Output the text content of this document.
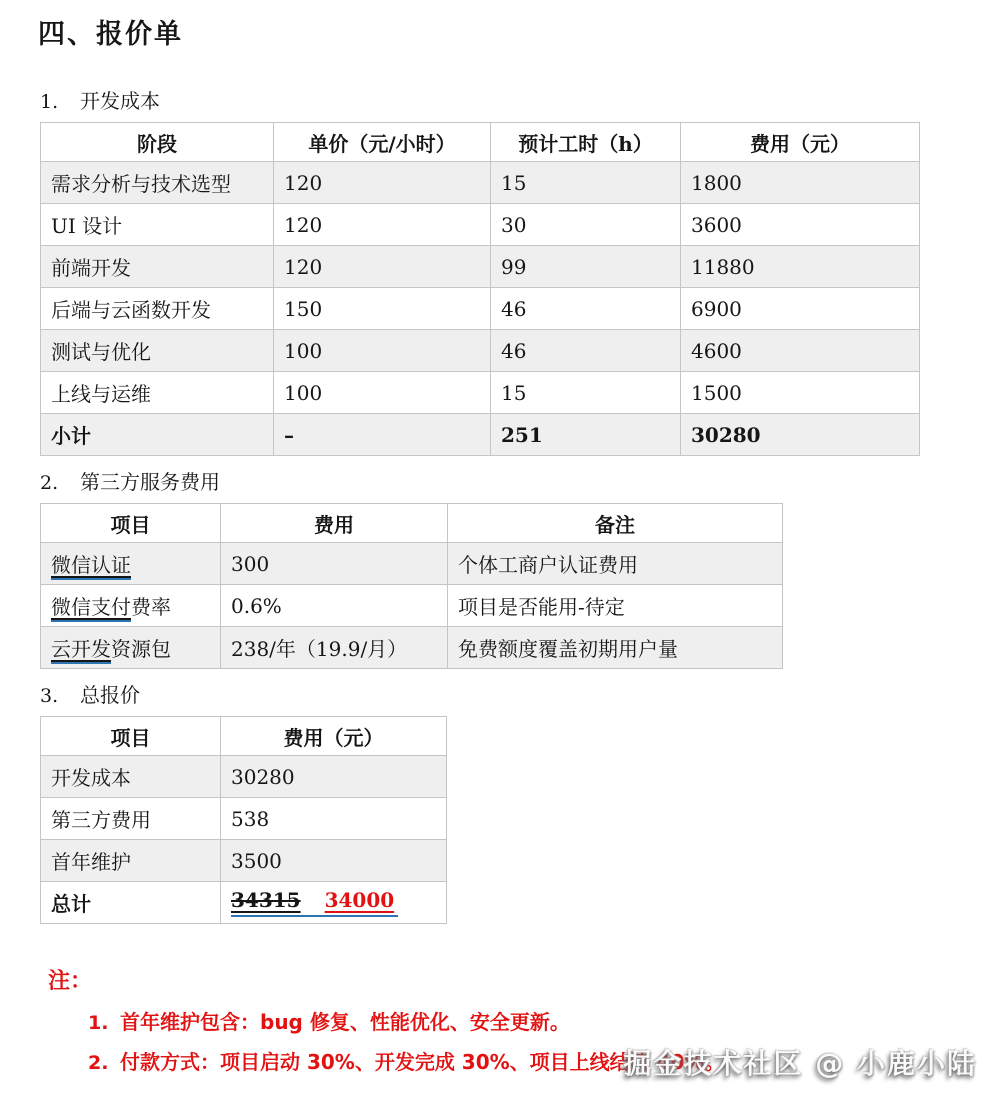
四、报价单
1.	开发成本
阶段	单价（元/小时）	预计工时（h）	费用（元）
需求分析与技术选型	120	15	1800
UI 设计	120	30	3600
前端开发	120	99	11880
后端与云函数开发	150	46	6900
测试与优化	100	46	4600
上线与运维	100	15	1500
小计	–	251	30280
2.	第三方服务费用
项目	费用	备注
微信认证	300	个体工商户认证费用
微信支付费率	0.6%	项目是否能用-待定
云开发资源包	238/年（19.9/月）	免费额度覆盖初期用户量
3.	总报价
项目	费用（元）
开发成本	30280
第三方费用	538
首年维护	3500
总计	34315 34000
注：
1. 首年维护包含：bug 修复、性能优化、安全更新。
2. 付款方式：项目启动 30%、开发完成 30%、项目上线结清 40%。
掘金技术社区 @ 小鹿小陆
